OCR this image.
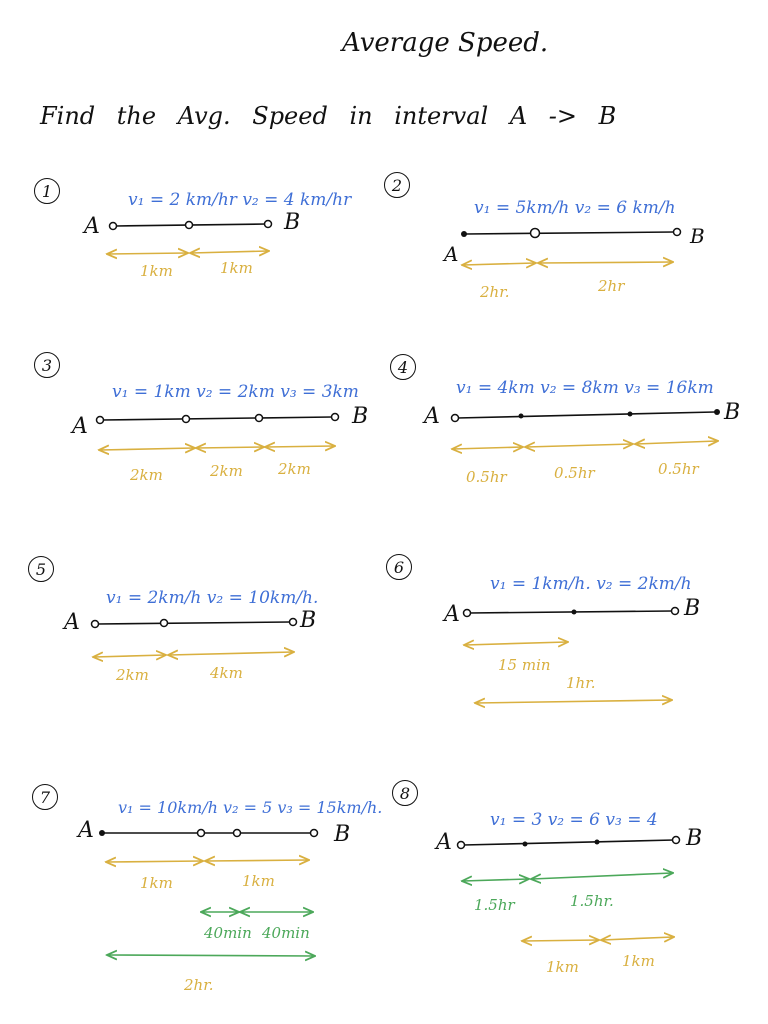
Average Speed.
Find the Avg. Speed in interval A -> B
1	v₁ = 2 km/hr v₂ = 4 km/hr
A	B
1km	1km
2
v₁ = 5km/h v₂ = 6 km/h
A
B
2hr.	2hr
3
v₁ = 1km v₂ = 2km v₃ = 3km
A	B
2km	2km 2km
4
v₁ = 4km v₂ = 8km v₃ = 16km
A	B
0.5hr	0.5hr	0.5hr
5
v₁ = 2km/h v₂ = 10km/h.
A	B
2km	4km
6
v₁ = 1km/h. v₂ = 2km/h
A	B
15 min
1hr.
7
v₁ = 10km/h v₂ = 5 v₃ = 15km/h.
A	B
1km	1km
40min 40min
2hr.
8
v₁ = 3 v₂ = 6 v₃ = 4
A	B
1.5hr	1.5hr.
1km	1km
